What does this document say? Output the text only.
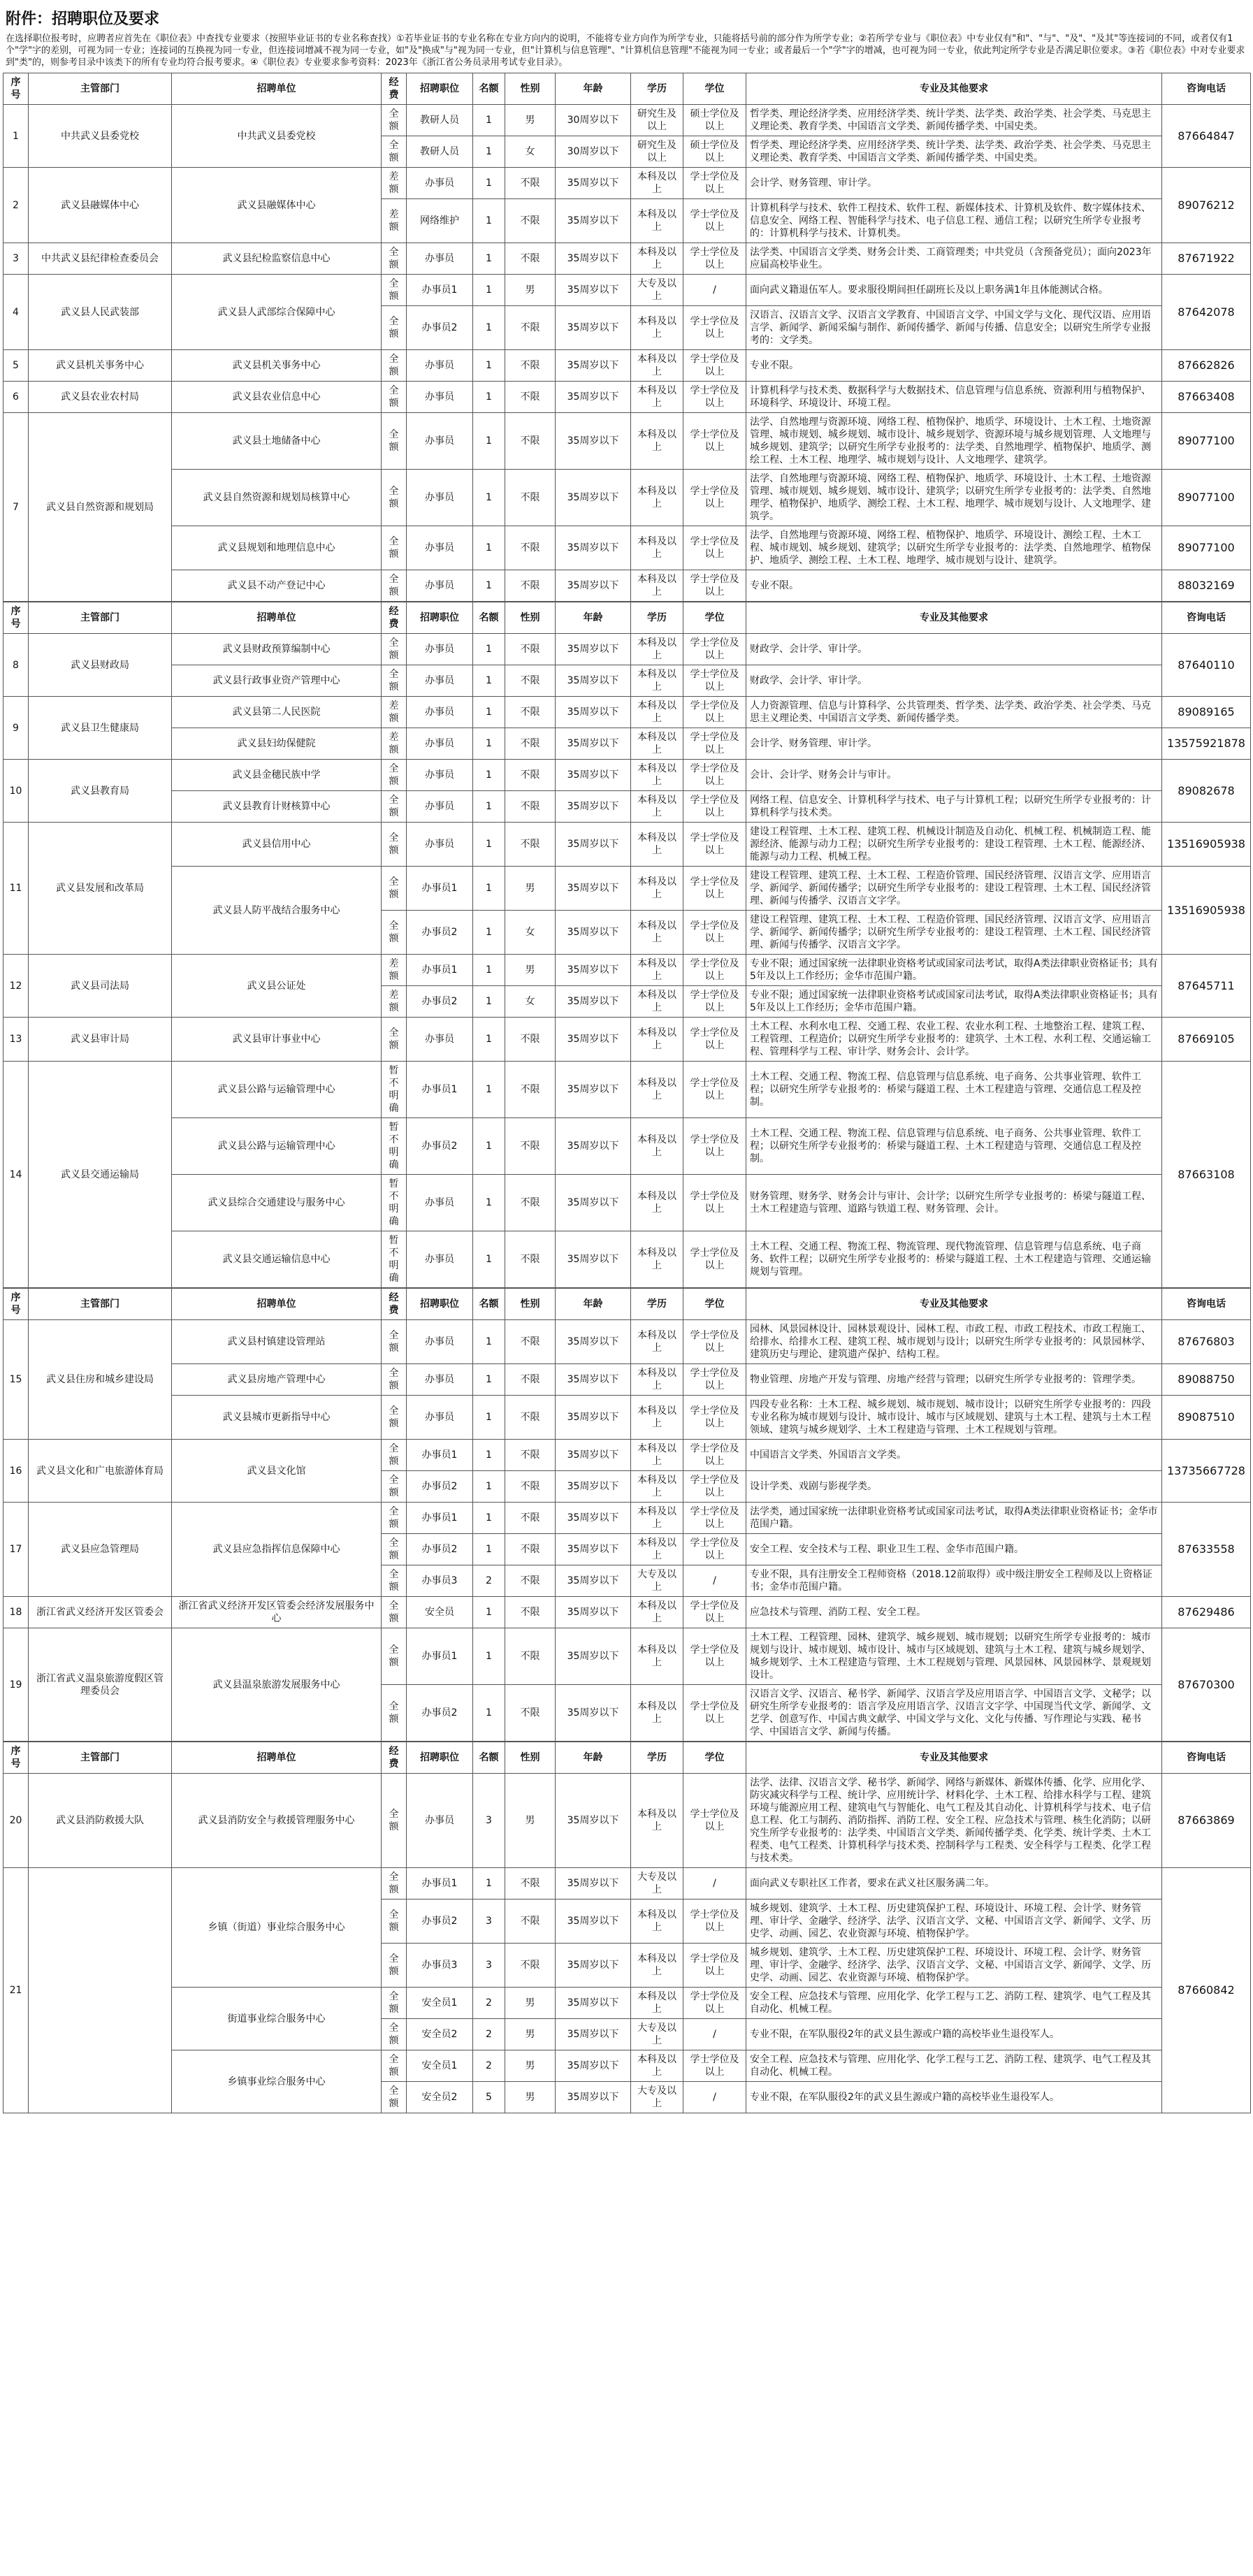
附件：招聘职位及要求
在选择职位报考时，应聘者应首先在《职位表》中查找专业要求（按照毕业证书的专业名称查找）①若毕业证书的专业名称在专业方向内的说明，不能将专业方向作为所学专业，只能将括号前的部分作为所学专业；②若所学专业与《职位表》中专业仅有"和"、"与"、"及"、"及其"等连接词的不同，或者仅有1个"学"字的差别，可视为同一专业；连接词的互换视为同一专业，但连接词增减不视为同一专业，如"及"换成"与"视为同一专业，但"计算机与信息管理"、"计算机信息管理"不能视为同一专业；或者最后一个"学"字的增减，也可视为同一专业，依此判定所学专业是否满足职位要求。③若《职位表》中对专业要求到"类"的，则参考目录中该类下的所有专业均符合报考要求。④《职位表》专业要求参考资料：2023年《浙江省公务员录用考试专业目录》。
序号	主管部门	招聘单位	经费	招聘职位	名额	性别	年龄	学历	学位	专业及其他要求	咨询电话
1	中共武义县委党校	中共武义县委党校	全额	教研人员	1	男	30周岁以下	研究生及以上	硕士学位及以上	哲学类、理论经济学类、应用经济学类、统计学类、法学类、政治学类、社会学类、马克思主义理论类、教育学类、中国语言文学类、新闻传播学类、中国史类。	87664847
			全额	教研人员	1	女	30周岁以下	研究生及以上	硕士学位及以上	哲学类、理论经济学类、应用经济学类、统计学类、法学类、政治学类、社会学类、马克思主义理论类、教育学类、中国语言文学类、新闻传播学类、中国史类。	
2	武义县融媒体中心	武义县融媒体中心	差额	办事员	1	不限	35周岁以下	本科及以上	学士学位及以上	会计学、财务管理、审计学。	89076212
			差额	网络维护	1	不限	35周岁以下	本科及以上	学士学位及以上	计算机科学与技术、软件工程技术、软件工程、新媒体技术、计算机及软件、数字媒体技术、信息安全、网络工程、智能科学与技术、电子信息工程、通信工程；以研究生所学专业报考的：计算机科学与技术、计算机类。	
3	中共武义县纪律检查委员会	武义县纪检监察信息中心	全额	办事员	1	不限	35周岁以下	本科及以上	学士学位及以上	法学类、中国语言文学类、财务会计类、工商管理类；中共党员（含预备党员）；面向2023年应届高校毕业生。	87671922
4	武义县人民武装部	武义县人武部综合保障中心	全额	办事员1	1	男	35周岁以下	大专及以上	/	面向武义籍退伍军人。要求服役期间担任副班长及以上职务满1年且体能测试合格。	87642078
			全额	办事员2	1	不限	35周岁以下	本科及以上	学士学位及以上	汉语言、汉语言文学、汉语言文学教育、中国语言文学、中国文学与文化、现代汉语、应用语言学、新闻学、新闻采编与制作、新闻传播学、新闻与传播、信息安全；以研究生所学专业报考的：文学类。	
5	武义县机关事务中心	武义县机关事务中心	全额	办事员	1	不限	35周岁以下	本科及以上	学士学位及以上	专业不限。	87662826
6	武义县农业农村局	武义县农业信息中心	全额	办事员	1	不限	35周岁以下	本科及以上	学士学位及以上	计算机科学与技术类、数据科学与大数据技术、信息管理与信息系统、资源利用与植物保护、环境科学、环境设计、环境工程。	87663408
7	武义县自然资源和规划局	武义县土地储备中心	全额	办事员	1	不限	35周岁以下	本科及以上	学士学位及以上	法学、自然地理与资源环境、网络工程、植物保护、地质学、环境设计、土木工程、土地资源管理、城市规划、城乡规划、城市设计、城乡规划学、资源环境与城乡规划管理、人文地理与城乡规划、建筑学；以研究生所学专业报考的：法学类、自然地理学、植物保护、地质学、测绘工程、土木工程、地理学、城市规划与设计、人文地理学、建筑学。	89077100
		武义县自然资源和规划局核算中心	全额	办事员	1	不限	35周岁以下	本科及以上	学士学位及以上	法学、自然地理与资源环境、网络工程、植物保护、地质学、环境设计、土木工程、土地资源管理、城市规划、城乡规划、城市设计、建筑学；以研究生所学专业报考的：法学类、自然地理学、植物保护、地质学、测绘工程、土木工程、地理学、城市规划与设计、人文地理学、建筑学。	89077100
		武义县规划和地理信息中心	全额	办事员	1	不限	35周岁以下	本科及以上	学士学位及以上	法学、自然地理与资源环境、网络工程、植物保护、地质学、环境设计、测绘工程、土木工程、城市规划、城乡规划、建筑学；以研究生所学专业报考的：法学类、自然地理学、植物保护、地质学、测绘工程、土木工程、地理学、城市规划与设计、建筑学。	89077100
		武义县不动产登记中心	全额	办事员	1	不限	35周岁以下	本科及以上	学士学位及以上	专业不限。	88032169
序号	主管部门	招聘单位	经费	招聘职位	名额	性别	年龄	学历	学位	专业及其他要求	咨询电话
8	武义县财政局	武义县财政预算编制中心	全额	办事员	1	不限	35周岁以下	本科及以上	学士学位及以上	财政学、会计学、审计学。	87640110
		武义县行政事业资产管理中心	全额	办事员	1	不限	35周岁以下	本科及以上	学士学位及以上	财政学、会计学、审计学。	
9	武义县卫生健康局	武义县第二人民医院	差额	办事员	1	不限	35周岁以下	本科及以上	学士学位及以上	人力资源管理、信息与计算科学、公共管理类、哲学类、法学类、政治学类、社会学类、马克思主义理论类、中国语言文学类、新闻传播学类。	89089165
		武义县妇幼保健院	差额	办事员	1	不限	35周岁以下	本科及以上	学士学位及以上	会计学、财务管理、审计学。	13575921878
10	武义县教育局	武义县金穗民族中学	全额	办事员	1	不限	35周岁以下	本科及以上	学士学位及以上	会计、会计学、财务会计与审计。	89082678
		武义县教育计财核算中心	全额	办事员	1	不限	35周岁以下	本科及以上	学士学位及以上	网络工程、信息安全、计算机科学与技术、电子与计算机工程；以研究生所学专业报考的：计算机科学与技术类。	
11	武义县发展和改革局	武义县信用中心	全额	办事员	1	不限	35周岁以下	本科及以上	学士学位及以上	建设工程管理、土木工程、建筑工程、机械设计制造及自动化、机械工程、机械制造工程、能源经济、能源与动力工程；以研究生所学专业报考的：建设工程管理、土木工程、能源经济、能源与动力工程、机械工程。	13516905938
		武义县人防平战结合服务中心	全额	办事员1	1	男	35周岁以下	本科及以上	学士学位及以上	建设工程管理、建筑工程、土木工程、工程造价管理、国民经济管理、汉语言文学、应用语言学、新闻学、新闻传播学；以研究生所学专业报考的：建设工程管理、土木工程、国民经济管理、新闻与传播学、汉语言文字学。	13516905938
			全额	办事员2	1	女	35周岁以下	本科及以上	学士学位及以上	建设工程管理、建筑工程、土木工程、工程造价管理、国民经济管理、汉语言文学、应用语言学、新闻学、新闻传播学；以研究生所学专业报考的：建设工程管理、土木工程、国民经济管理、新闻与传播学、汉语言文字学。	
12	武义县司法局	武义县公证处	差额	办事员1	1	男	35周岁以下	本科及以上	学士学位及以上	专业不限；通过国家统一法律职业资格考试或国家司法考试，取得A类法律职业资格证书；具有5年及以上工作经历；金华市范围户籍。	87645711
			差额	办事员2	1	女	35周岁以下	本科及以上	学士学位及以上	专业不限；通过国家统一法律职业资格考试或国家司法考试，取得A类法律职业资格证书；具有5年及以上工作经历；金华市范围户籍。	
13	武义县审计局	武义县审计事业中心	全额	办事员	1	不限	35周岁以下	本科及以上	学士学位及以上	土木工程、水利水电工程、交通工程、农业工程、农业水利工程、土地整治工程、建筑工程、工程管理、工程造价；以研究生所学专业报考的：建筑学、土木工程、水利工程、交通运输工程、管理科学与工程、审计学、财务会计、会计学。	87669105
14	武义县交通运输局	武义县公路与运输管理中心	暂不明确	办事员1	1	不限	35周岁以下	本科及以上	学士学位及以上	土木工程、交通工程、物流工程、信息管理与信息系统、电子商务、公共事业管理、软件工程；以研究生所学专业报考的：桥梁与隧道工程、土木工程建造与管理、交通信息工程及控制。	87663108
		武义县公路与运输管理中心	暂不明确	办事员2	1	不限	35周岁以下	本科及以上	学士学位及以上	土木工程、交通工程、物流工程、信息管理与信息系统、电子商务、公共事业管理、软件工程；以研究生所学专业报考的：桥梁与隧道工程、土木工程建造与管理、交通信息工程及控制。	
		武义县综合交通建设与服务中心	暂不明确	办事员	1	不限	35周岁以下	本科及以上	学士学位及以上	财务管理、财务学、财务会计与审计、会计学；以研究生所学专业报考的：桥梁与隧道工程、土木工程建造与管理、道路与铁道工程、财务管理、会计。	
		武义县交通运输信息中心	暂不明确	办事员	1	不限	35周岁以下	本科及以上	学士学位及以上	土木工程、交通工程、物流工程、物流管理、现代物流管理、信息管理与信息系统、电子商务、软件工程；以研究生所学专业报考的：桥梁与隧道工程、土木工程建造与管理、交通运输规划与管理。	
序号	主管部门	招聘单位	经费	招聘职位	名额	性别	年龄	学历	学位	专业及其他要求	咨询电话
15	武义县住房和城乡建设局	武义县村镇建设管理站	全额	办事员	1	不限	35周岁以下	本科及以上	学士学位及以上	园林、风景园林设计、园林景观设计、园林工程、市政工程、市政工程技术、市政工程施工、给排水、给排水工程、建筑工程、城市规划与设计；以研究生所学专业报考的：风景园林学、建筑历史与理论、建筑遗产保护、结构工程。	87676803
		武义县房地产管理中心	全额	办事员	1	不限	35周岁以下	本科及以上	学士学位及以上	物业管理、房地产开发与管理、房地产经营与管理；以研究生所学专业报考的：管理学类。	89088750
		武义县城市更新指导中心	全额	办事员	1	不限	35周岁以下	本科及以上	学士学位及以上	四段专业名称：土木工程、城乡规划、城市规划、城市设计；以研究生所学专业报考的：四段专业名称为城市规划与设计、城市设计、城市与区域规划、建筑与土木工程、建筑与土木工程领域、建筑与城乡规划学、土木工程建造与管理、土木工程规划与管理。	89087510
16	武义县文化和广电旅游体育局	武义县文化馆	全额	办事员1	1	不限	35周岁以下	本科及以上	学士学位及以上	中国语言文学类、外国语言文学类。	13735667728
			全额	办事员2	1	不限	35周岁以下	本科及以上	学士学位及以上	设计学类、戏剧与影视学类。	
17	武义县应急管理局	武义县应急指挥信息保障中心	全额	办事员1	1	不限	35周岁以下	本科及以上	学士学位及以上	法学类，通过国家统一法律职业资格考试或国家司法考试，取得A类法律职业资格证书；金华市范围户籍。	87633558
			全额	办事员2	1	不限	35周岁以下	本科及以上	学士学位及以上	安全工程、安全技术与工程、职业卫生工程、金华市范围户籍。	
			全额	办事员3	2	不限	35周岁以下	大专及以上	/	专业不限，具有注册安全工程师资格（2018.12前取得）或中级注册安全工程师及以上资格证书；金华市范围户籍。	
18	浙江省武义经济开发区管委会	浙江省武义经济开发区管委会经济发展服务中心	全额	安全员	1	不限	35周岁以下	本科及以上	学士学位及以上	应急技术与管理、消防工程、安全工程。	87629486
19	浙江省武义温泉旅游度假区管理委员会	武义县温泉旅游发展服务中心	全额	办事员1	1	不限	35周岁以下	本科及以上	学士学位及以上	土木工程、工程管理、园林、建筑学、城乡规划、城市规划；以研究生所学专业报考的：城市规划与设计、城市规划、城市设计、城市与区域规划、建筑与土木工程、建筑与城乡规划学、城乡规划学、土木工程建造与管理、土木工程规划与管理、风景园林、风景园林学、景观规划设计。	87670300
			全额	办事员2	1	不限	35周岁以下	本科及以上	学士学位及以上	汉语言文学、汉语言、秘书学、新闻学、汉语言学及应用语言学、中国语言文学、文秘学；以研究生所学专业报考的：语言学及应用语言学、汉语言文字学、中国现当代文学、新闻学、文艺学、创意写作、中国古典文献学、中国文学与文化、文化与传播、写作理论与实践、秘书学、中国语言文学、新闻与传播。	
序号	主管部门	招聘单位	经费	招聘职位	名额	性别	年龄	学历	学位	专业及其他要求	咨询电话
20	武义县消防救援大队	武义县消防安全与救援管理服务中心	全额	办事员	3	男	35周岁以下	本科及以上	学士学位及以上	法学、法律、汉语言文学、秘书学、新闻学、网络与新媒体、新媒体传播、化学、应用化学、防灾减灾科学与工程、统计学、应用统计学、材料化学、土木工程、给排水科学与工程、建筑环境与能源应用工程、建筑电气与智能化、电气工程及其自动化、计算机科学与技术、电子信息工程、化工与制药、消防指挥、消防工程、安全工程、应急技术与管理、核生化消防；以研究生所学专业报考的：法学类、中国语言文学类、新闻传播学类、化学类、统计学类、土木工程类、电气工程类、计算机科学与技术类、控制科学与工程类、安全科学与工程类、化学工程与技术类。	87663869
21		乡镇（街道）事业综合服务中心	全额	办事员1	1	不限	35周岁以下	大专及以上	/	面向武义专职社区工作者，要求在武义社区服务满二年。	87660842
			全额	办事员2	3	不限	35周岁以下	本科及以上	学士学位及以上	城乡规划、建筑学、土木工程、历史建筑保护工程、环境设计、环境工程、会计学、财务管理、审计学、金融学、经济学、法学、汉语言文学、文秘、中国语言文学、新闻学、文学、历史学、动画、园艺、农业资源与环境、植物保护学。	
			全额	办事员3	3	不限	35周岁以下	本科及以上	学士学位及以上	城乡规划、建筑学、土木工程、历史建筑保护工程、环境设计、环境工程、会计学、财务管理、审计学、金融学、经济学、法学、汉语言文学、文秘、中国语言文学、新闻学、文学、历史学、动画、园艺、农业资源与环境、植物保护学。	
		街道事业综合服务中心	全额	安全员1	2	男	35周岁以下	本科及以上	学士学位及以上	安全工程、应急技术与管理、应用化学、化学工程与工艺、消防工程、建筑学、电气工程及其自动化、机械工程。	
			全额	安全员2	2	男	35周岁以下	大专及以上	/	专业不限，在军队服役2年的武义县生源或户籍的高校毕业生退役军人。	
		乡镇事业综合服务中心	全额	安全员1	2	男	35周岁以下	本科及以上	学士学位及以上	安全工程、应急技术与管理、应用化学、化学工程与工艺、消防工程、建筑学、电气工程及其自动化、机械工程。	
			全额	安全员2	5	男	35周岁以下	大专及以上	/	专业不限，在军队服役2年的武义县生源或户籍的高校毕业生退役军人。	
